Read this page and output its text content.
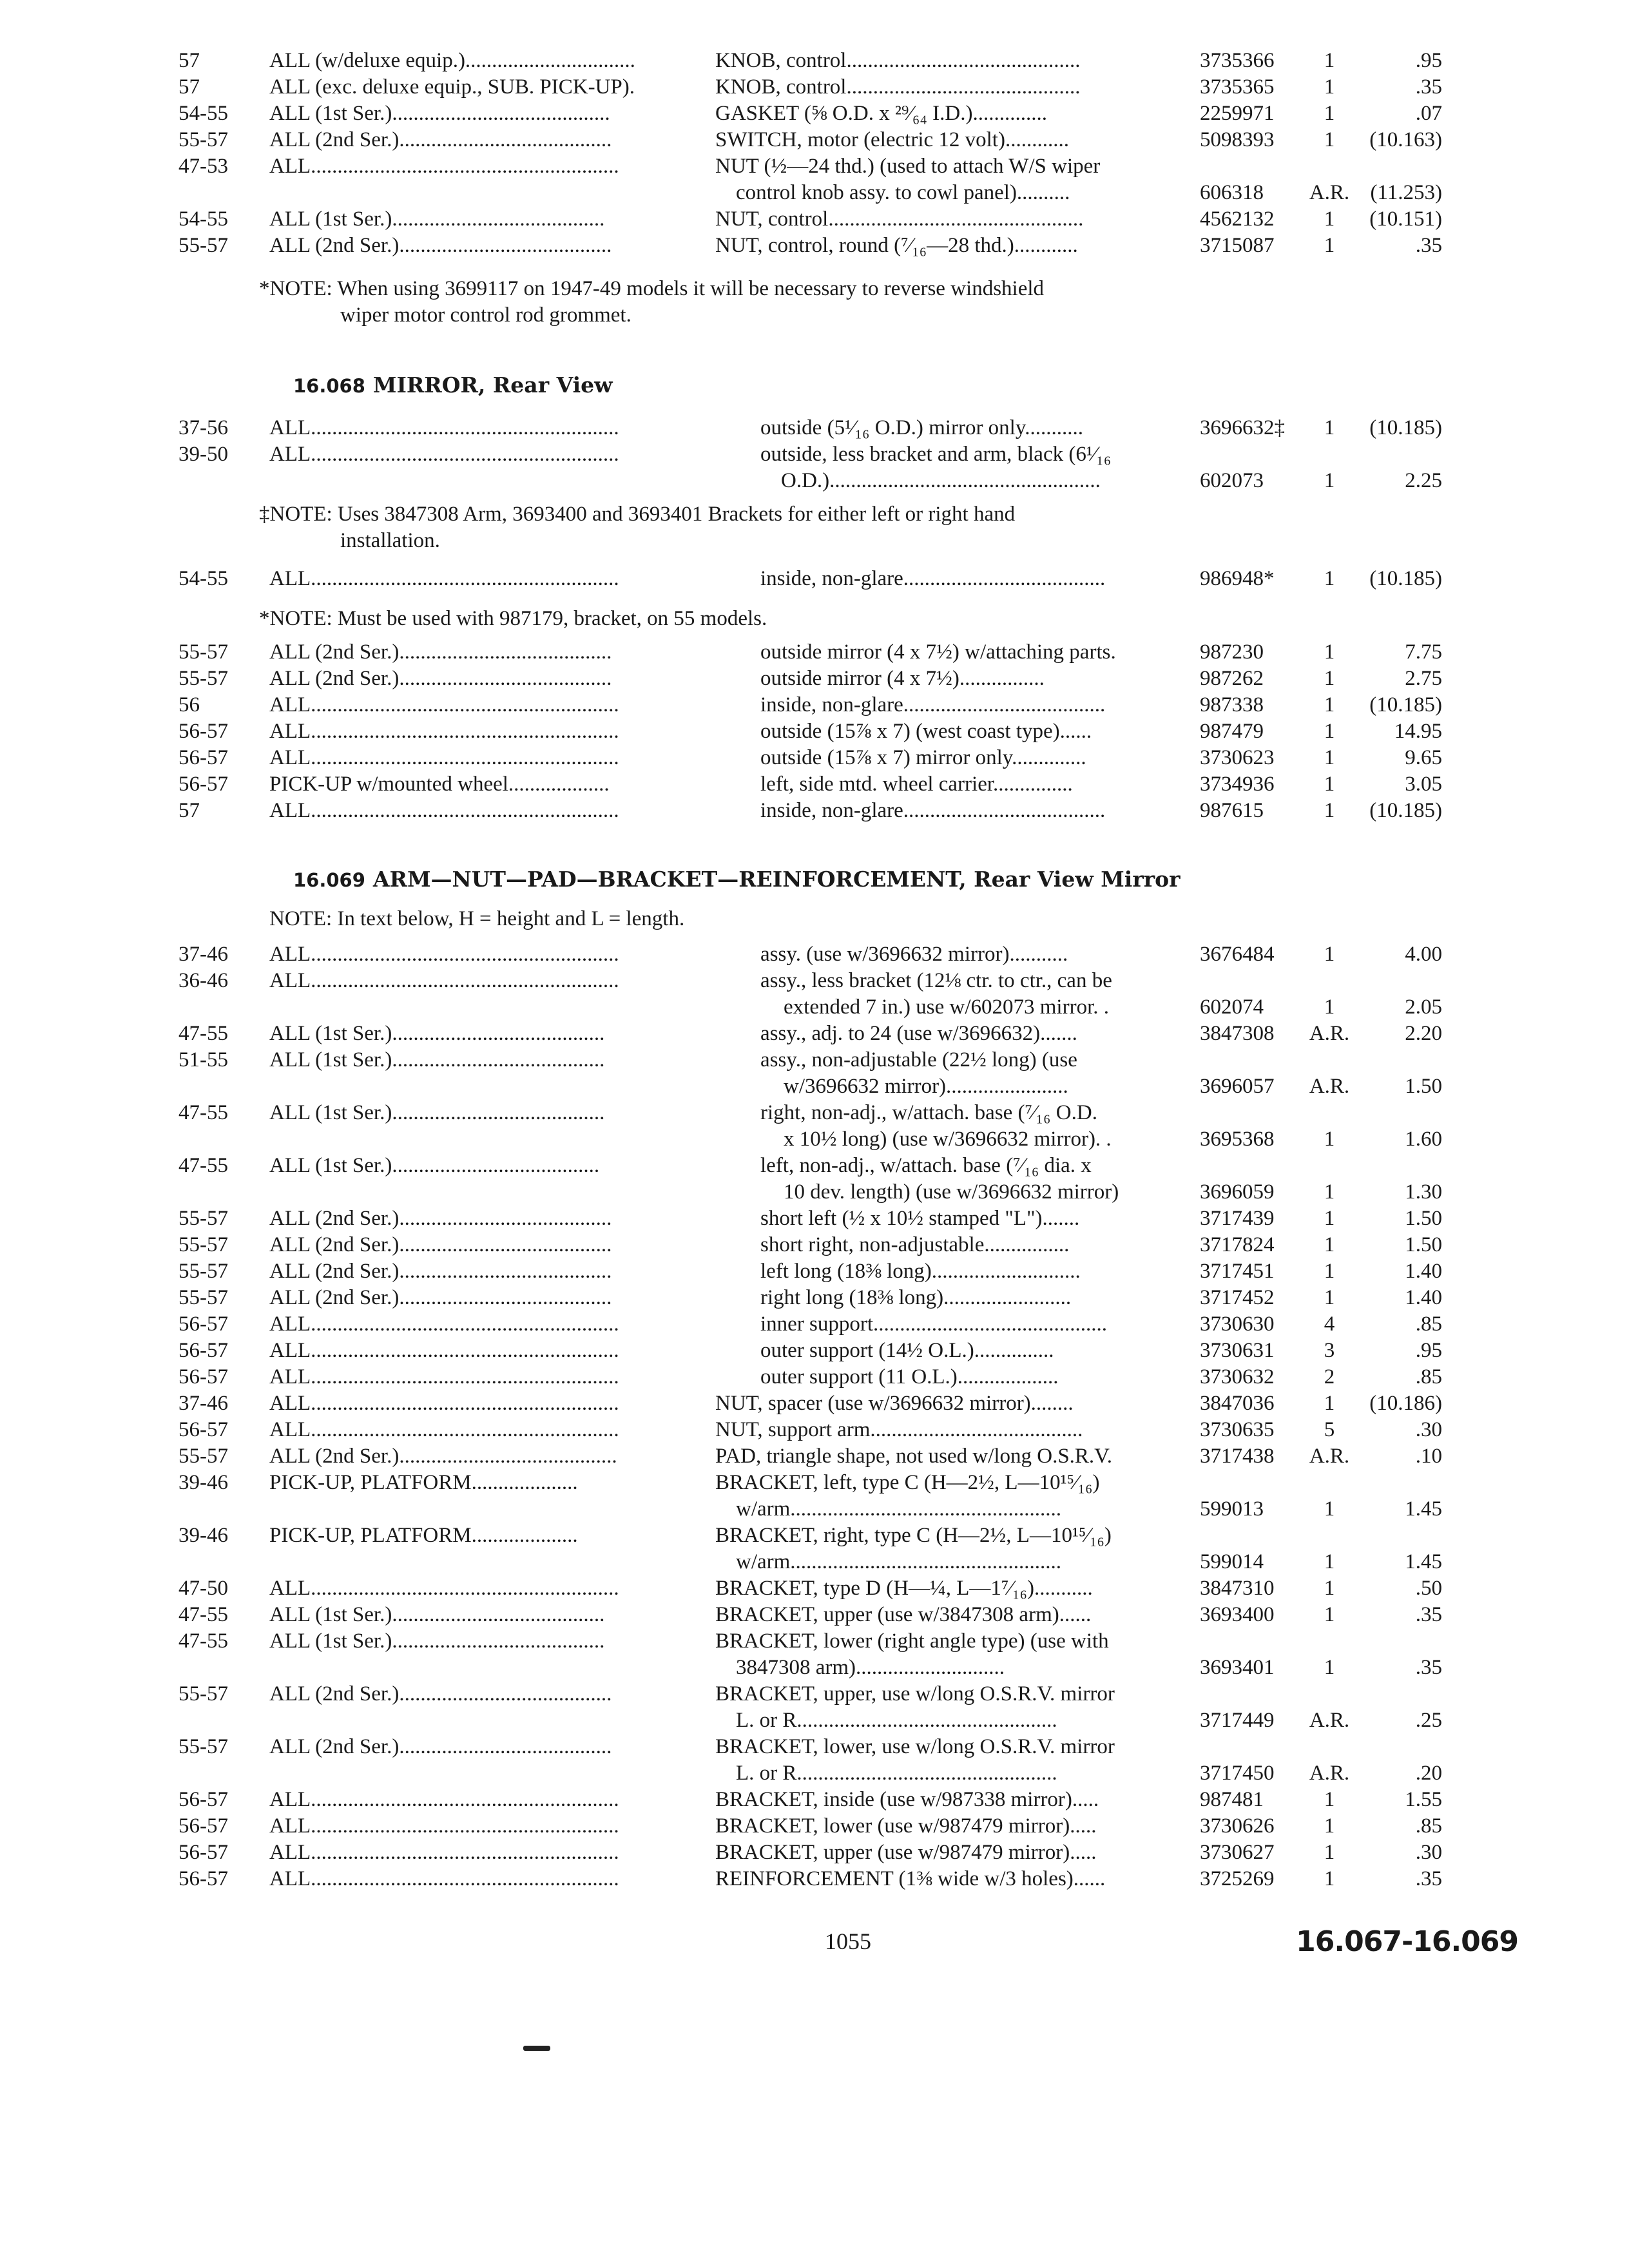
57	ALL (w/deluxe equip.)................................	KNOB, control............................................	3735366	1	.95
57	ALL (exc. deluxe equip., SUB. PICK-UP).	KNOB, control............................................	3735365	1	.35
54-55 ALL (1st Ser.).........................................	GASKET (⅝ O.D. x ²⁹⁄₆₄ I.D.)..............	2259971	1	.07
55-57 ALL (2nd Ser.)........................................	SWITCH, motor (electric 12 volt)............	5098393	1	(10.163)
47-53 ALL..........................................................	NUT (½—24 thd.) (used to attach W/S wiper
control knob assy. to cowl panel)..........	606318	A.R. (11.253)
54-55 ALL (1st Ser.)........................................	NUT, control................................................	4562132	1	(10.151)
55-57 ALL (2nd Ser.)........................................	NUT, control, round (⁷⁄₁₆—28 thd.)............	3715087	1	.35
*NOTE: When using 3699117 on 1947-49 models it will be necessary to reverse windshield
wiper motor control rod grommet.
16.068 MIRROR, Rear View
37-56 ALL..........................................................	outside (5¹⁄₁₆ O.D.) mirror only...........	3696632‡	1	(10.185)
39-50 ALL..........................................................	outside, less bracket and arm, black (6¹⁄₁₆
O.D.)...................................................	602073	1	2.25
‡NOTE: Uses 3847308 Arm, 3693400 and 3693401 Brackets for either left or right hand
installation.
54-55 ALL..........................................................	inside, non-glare......................................	986948*	1	(10.185)
*NOTE: Must be used with 987179, bracket, on 55 models.
55-57 ALL (2nd Ser.)........................................	outside mirror (4 x 7½) w/attaching parts.	987230	1	7.75
55-57 ALL (2nd Ser.)........................................	outside mirror (4 x 7½)................	987262	1	2.75
56	ALL..........................................................	inside, non-glare......................................	987338	1	(10.185)
56-57 ALL..........................................................	outside (15⅞ x 7) (west coast type)......	987479	1	14.95
56-57 ALL..........................................................	outside (15⅞ x 7) mirror only..............	3730623	1	9.65
56-57 PICK-UP w/mounted wheel...................	left, side mtd. wheel carrier...............	3734936	1	3.05
57	ALL..........................................................	inside, non-glare......................................	987615	1	(10.185)
16.069 ARM—NUT—PAD—BRACKET—REINFORCEMENT, Rear View Mirror
NOTE: In text below, H = height and L = length.
37-46 ALL..........................................................	assy. (use w/3696632 mirror)...........	3676484	1	4.00
36-46 ALL..........................................................	assy., less bracket (12⅛ ctr. to ctr., can be
extended 7 in.) use w/602073 mirror. .	602074	1	2.05
47-55 ALL (1st Ser.)........................................	assy., adj. to 24 (use w/3696632).......	3847308	A.R.	2.20
51-55 ALL (1st Ser.)........................................	assy., non-adjustable (22½ long) (use
w/3696632 mirror).......................	3696057	A.R.	1.50
47-55 ALL (1st Ser.)........................................	right, non-adj., w/attach. base (⁷⁄₁₆ O.D.
x 10½ long) (use w/3696632 mirror). .	3695368	1	1.60
47-55 ALL (1st Ser.).......................................	left, non-adj., w/attach. base (⁷⁄₁₆ dia. x
10 dev. length) (use w/3696632 mirror)	3696059	1	1.30
55-57 ALL (2nd Ser.)........................................	short left (½ x 10½ stamped "L").......	3717439	1	1.50
55-57 ALL (2nd Ser.)........................................	short right, non-adjustable................	3717824	1	1.50
55-57 ALL (2nd Ser.)........................................	left long (18⅜ long)............................	3717451	1	1.40
55-57 ALL (2nd Ser.)........................................	right long (18⅜ long)........................	3717452	1	1.40
56-57 ALL..........................................................	inner support............................................	3730630	4	.85
56-57 ALL..........................................................	outer support (14½ O.L.)...............	3730631	3	.95
56-57 ALL..........................................................	outer support (11 O.L.)...................	3730632	2	.85
37-46 ALL..........................................................	NUT, spacer (use w/3696632 mirror)........	3847036	1	(10.186)
56-57 ALL..........................................................	NUT, support arm........................................	3730635	5	.30
55-57 ALL (2nd Ser.).........................................	PAD, triangle shape, not used w/long O.S.R.V.	3717438	A.R.	.10
39-46 PICK-UP, PLATFORM....................	BRACKET, left, type C (H—2½, L—10¹⁵⁄₁₆)
w/arm...................................................	599013	1	1.45
39-46 PICK-UP, PLATFORM....................	BRACKET, right, type C (H—2½, L—10¹⁵⁄₁₆)
w/arm...................................................	599014	1	1.45
47-50 ALL..........................................................	BRACKET, type D (H—¼, L—1⁷⁄₁₆)...........	3847310	1	.50
47-55 ALL (1st Ser.)........................................	BRACKET, upper (use w/3847308 arm)......	3693400	1	.35
47-55 ALL (1st Ser.)........................................	BRACKET, lower (right angle type) (use with
3847308 arm)............................	3693401	1	.35
55-57 ALL (2nd Ser.)........................................	BRACKET, upper, use w/long O.S.R.V. mirror
L. or R.................................................	3717449	A.R.	.25
55-57 ALL (2nd Ser.)........................................	BRACKET, lower, use w/long O.S.R.V. mirror
L. or R.................................................	3717450	A.R.	.20
56-57 ALL..........................................................	BRACKET, inside (use w/987338 mirror).....	987481	1	1.55
56-57 ALL..........................................................	BRACKET, lower (use w/987479 mirror).....	3730626	1	.85
56-57 ALL..........................................................	BRACKET, upper (use w/987479 mirror).....	3730627	1	.30
56-57 ALL..........................................................	REINFORCEMENT (1⅜ wide w/3 holes)......	3725269	1	.35
1055	16.067-16.069
